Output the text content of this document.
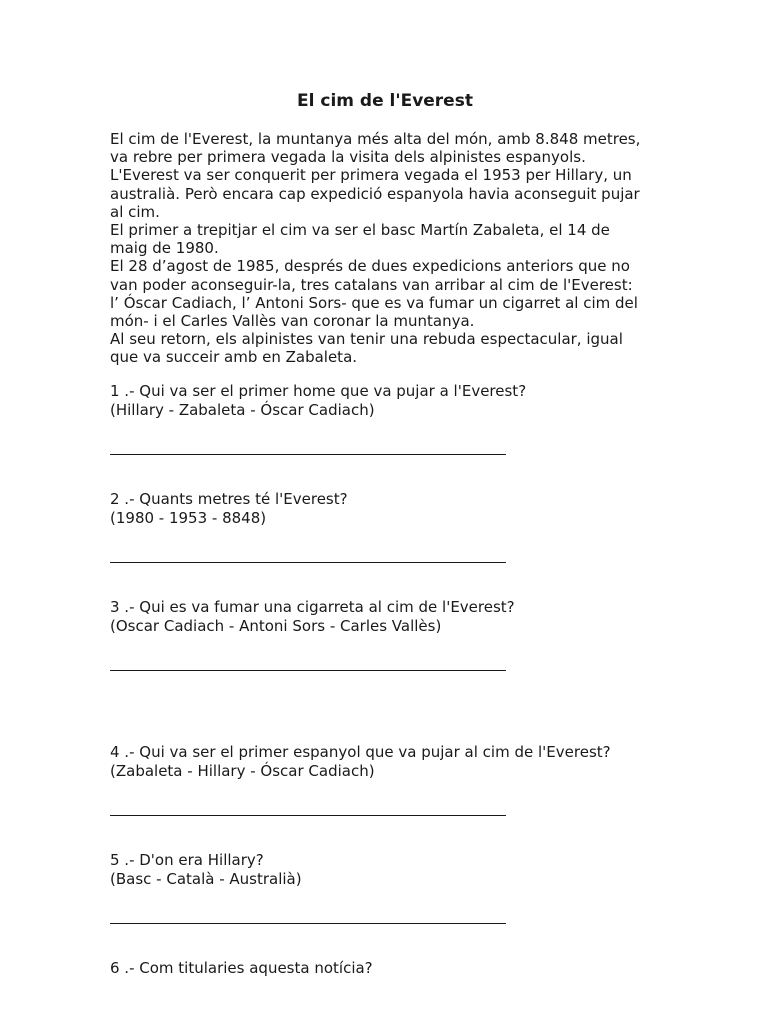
El cim de l'Everest

El cim de l'Everest, la muntanya més alta del món, amb 8.848 metres,

va rebre per primera vegada la visita dels alpinistes espanyols.

L'Everest va ser conquerit per primera vegada el 1953 per Hillary, un

australià. Però encara cap expedició espanyola havia aconseguit pujar

al cim.

El primer a trepitjar el cim va ser el basc Martín Zabaleta, el 14 de

maig de 1980.

El 28 d’agost de 1985, després de dues expedicions anteriors que no

van poder aconseguir-la, tres catalans van arribar al cim de l'Everest:

l’ Óscar Cadiach, l’ Antoni Sors- que es va fumar un cigarret al cim del

món- i el Carles Vallès van coronar la muntanya.

Al seu retorn, els alpinistes van tenir una rebuda espectacular, igual

que va succeir amb en Zabaleta.

1 .- Qui va ser el primer home que va pujar a l'Everest?

(Hillary - Zabaleta - Óscar Cadiach)

2 .- Quants metres té l'Everest?

(1980 - 1953 - 8848)

3 .- Qui es va fumar una cigarreta al cim de l'Everest?

(Oscar Cadiach - Antoni Sors - Carles Vallès)

4 .- Qui va ser el primer espanyol que va pujar al cim de l'Everest?

(Zabaleta - Hillary - Óscar Cadiach)

5 .- D'on era Hillary?

(Basc - Català - Australià)

6 .- Com titularies aquesta notícia?
